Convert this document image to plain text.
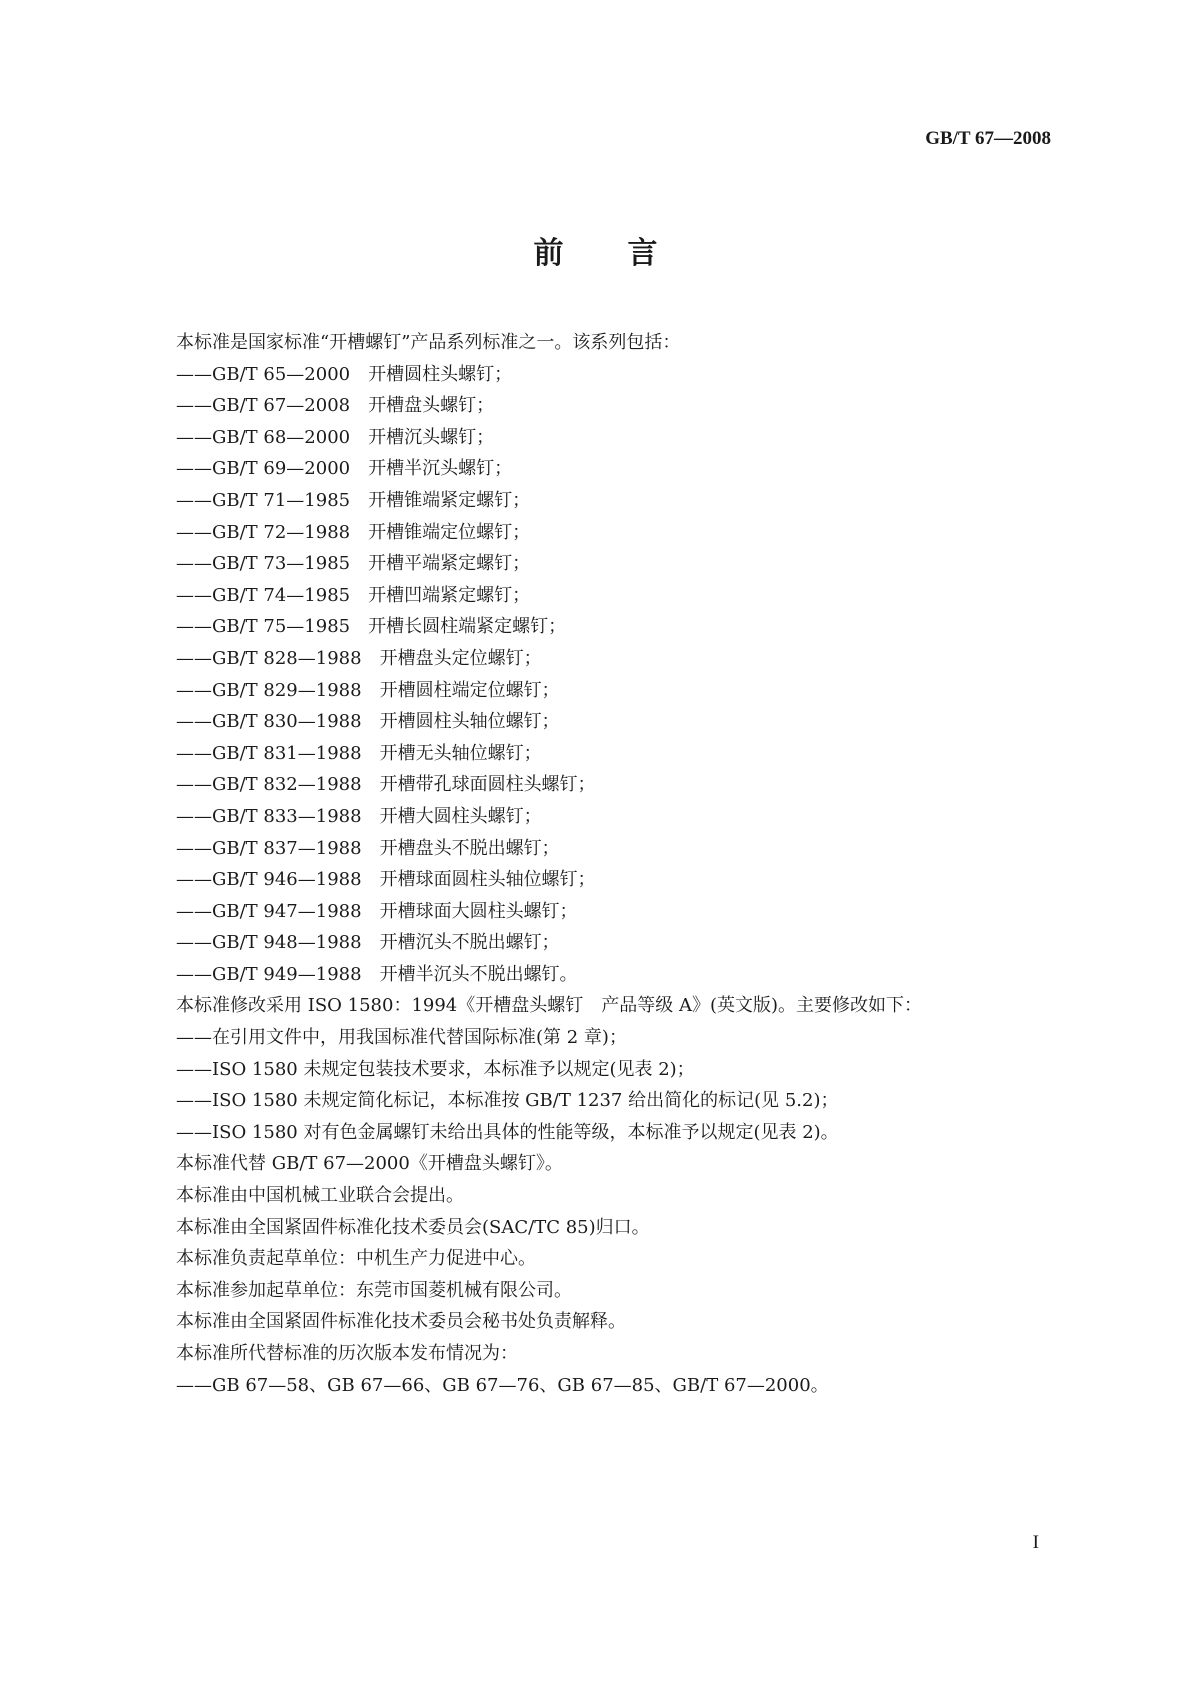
GB/T 67—2008
前言
本标准是国家标准“开槽螺钉”产品系列标准之一。该系列包括：
——GB/T 65—2000　开槽圆柱头螺钉；
——GB/T 67—2008　开槽盘头螺钉；
——GB/T 68—2000　开槽沉头螺钉；
——GB/T 69—2000　开槽半沉头螺钉；
——GB/T 71—1985　开槽锥端紧定螺钉；
——GB/T 72—1988　开槽锥端定位螺钉；
——GB/T 73—1985　开槽平端紧定螺钉；
——GB/T 74—1985　开槽凹端紧定螺钉；
——GB/T 75—1985　开槽长圆柱端紧定螺钉；
——GB/T 828—1988　开槽盘头定位螺钉；
——GB/T 829—1988　开槽圆柱端定位螺钉；
——GB/T 830—1988　开槽圆柱头轴位螺钉；
——GB/T 831—1988　开槽无头轴位螺钉；
——GB/T 832—1988　开槽带孔球面圆柱头螺钉；
——GB/T 833—1988　开槽大圆柱头螺钉；
——GB/T 837—1988　开槽盘头不脱出螺钉；
——GB/T 946—1988　开槽球面圆柱头轴位螺钉；
——GB/T 947—1988　开槽球面大圆柱头螺钉；
——GB/T 948—1988　开槽沉头不脱出螺钉；
——GB/T 949—1988　开槽半沉头不脱出螺钉。
本标准修改采用 ISO 1580：1994《开槽盘头螺钉　产品等级 A》(英文版)。主要修改如下：
——在引用文件中，用我国标准代替国际标准(第 2 章)；
——ISO 1580 未规定包装技术要求，本标准予以规定(见表 2)；
——ISO 1580 未规定简化标记，本标准按 GB/T 1237 给出简化的标记(见 5.2)；
——ISO 1580 对有色金属螺钉未给出具体的性能等级，本标准予以规定(见表 2)。
本标准代替 GB/T 67—2000《开槽盘头螺钉》。
本标准由中国机械工业联合会提出。
本标准由全国紧固件标准化技术委员会(SAC/TC 85)归口。
本标准负责起草单位：中机生产力促进中心。
本标准参加起草单位：东莞市国菱机械有限公司。
本标准由全国紧固件标准化技术委员会秘书处负责解释。
本标准所代替标准的历次版本发布情况为：
——GB 67—58、GB 67—66、GB 67—76、GB 67—85、GB/T 67—2000。
I
